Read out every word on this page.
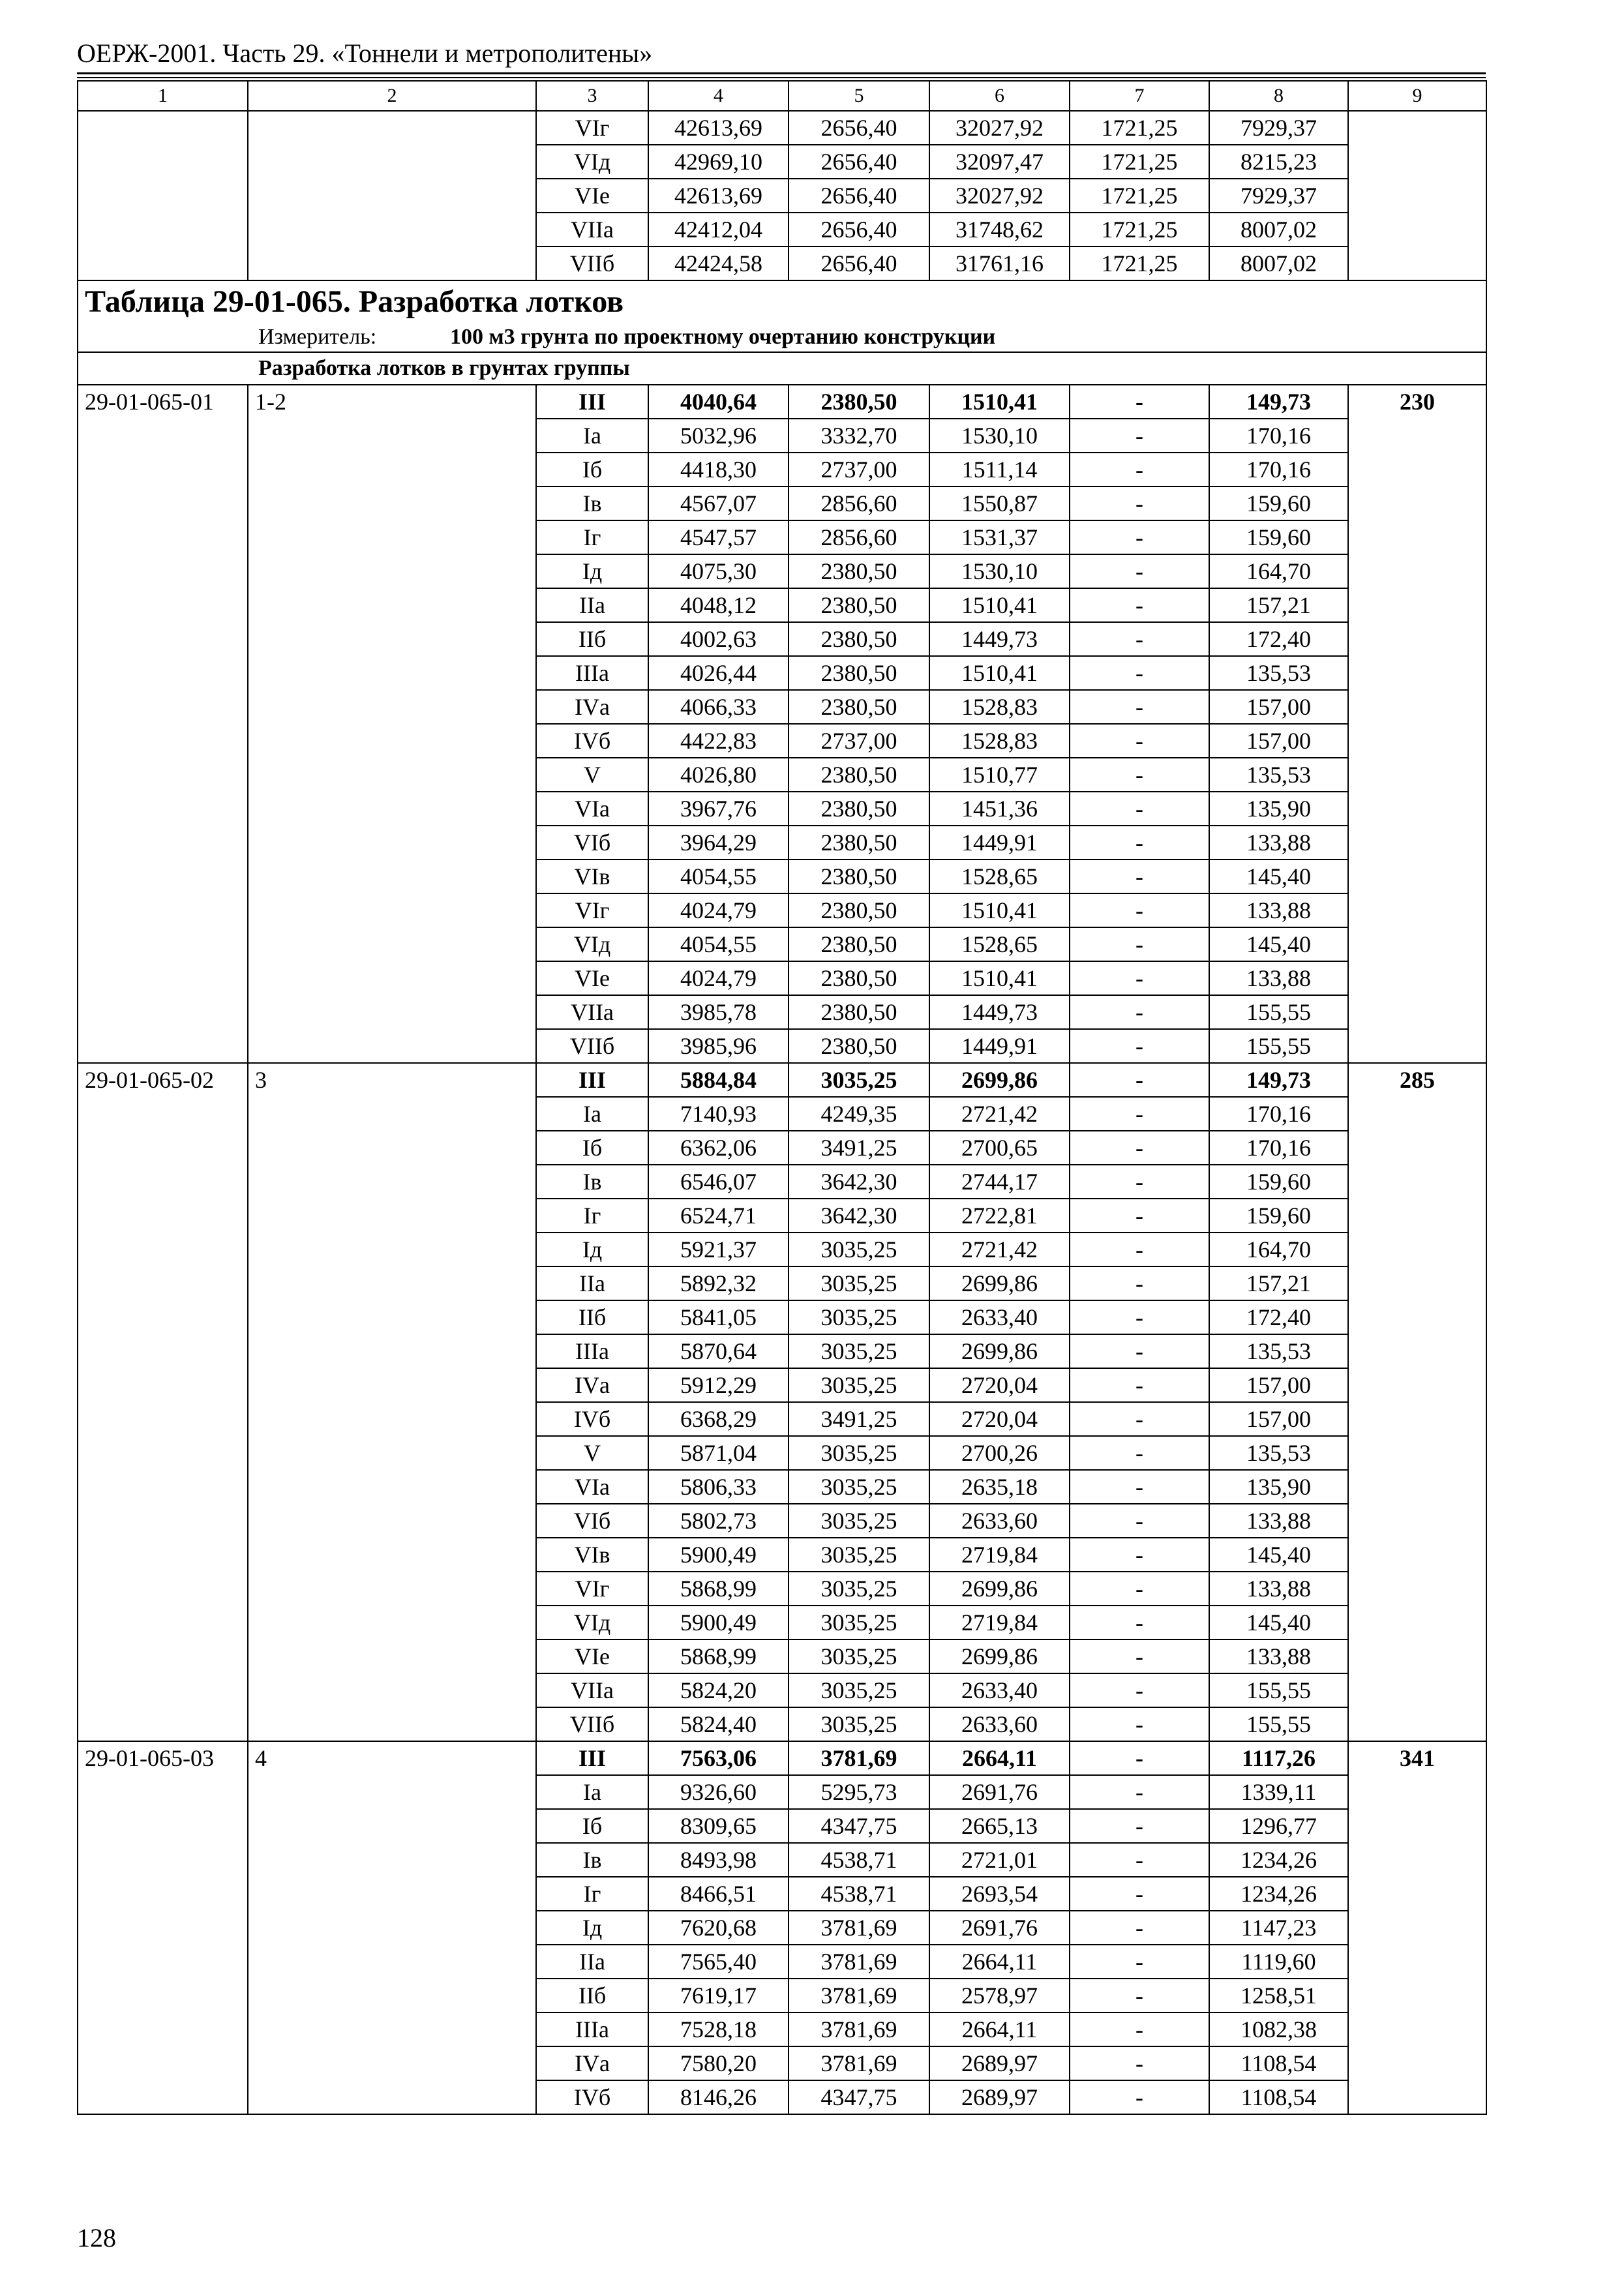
ОЕРЖ-2001. Часть 29. «Тоннели и метрополитены»
1	2	3	4	5	6	7	8	9
		VIг	42613,69	2656,40	32027,92	1721,25	7929,37	
		VIд	42969,10	2656,40	32097,47	1721,25	8215,23	
		VIе	42613,69	2656,40	32027,92	1721,25	7929,37	
		VIIа	42412,04	2656,40	31748,62	1721,25	8007,02	
		VIIб	42424,58	2656,40	31761,16	1721,25	8007,02	
Таблица 29-01-065. Разработка лотков								
Измеритель: 100 м3 грунта по проектному очертанию конструкции								
Разработка лотков в грунтах группы								
29-01-065-01	1-2	III	4040,64	2380,50	1510,41	-	149,73	230
		Iа	5032,96	3332,70	1530,10	-	170,16	
		Iб	4418,30	2737,00	1511,14	-	170,16	
		Iв	4567,07	2856,60	1550,87	-	159,60	
		Iг	4547,57	2856,60	1531,37	-	159,60	
		Iд	4075,30	2380,50	1530,10	-	164,70	
		IIа	4048,12	2380,50	1510,41	-	157,21	
		IIб	4002,63	2380,50	1449,73	-	172,40	
		IIIа	4026,44	2380,50	1510,41	-	135,53	
		IVа	4066,33	2380,50	1528,83	-	157,00	
		IVб	4422,83	2737,00	1528,83	-	157,00	
		V	4026,80	2380,50	1510,77	-	135,53	
		VIа	3967,76	2380,50	1451,36	-	135,90	
		VIб	3964,29	2380,50	1449,91	-	133,88	
		VIв	4054,55	2380,50	1528,65	-	145,40	
		VIг	4024,79	2380,50	1510,41	-	133,88	
		VIд	4054,55	2380,50	1528,65	-	145,40	
		VIе	4024,79	2380,50	1510,41	-	133,88	
		VIIа	3985,78	2380,50	1449,73	-	155,55	
		VIIб	3985,96	2380,50	1449,91	-	155,55	
29-01-065-02	3	III	5884,84	3035,25	2699,86	-	149,73	285
		Iа	7140,93	4249,35	2721,42	-	170,16	
		Iб	6362,06	3491,25	2700,65	-	170,16	
		Iв	6546,07	3642,30	2744,17	-	159,60	
		Iг	6524,71	3642,30	2722,81	-	159,60	
		Iд	5921,37	3035,25	2721,42	-	164,70	
		IIа	5892,32	3035,25	2699,86	-	157,21	
		IIб	5841,05	3035,25	2633,40	-	172,40	
		IIIа	5870,64	3035,25	2699,86	-	135,53	
		IVа	5912,29	3035,25	2720,04	-	157,00	
		IVб	6368,29	3491,25	2720,04	-	157,00	
		V	5871,04	3035,25	2700,26	-	135,53	
		VIа	5806,33	3035,25	2635,18	-	135,90	
		VIб	5802,73	3035,25	2633,60	-	133,88	
		VIв	5900,49	3035,25	2719,84	-	145,40	
		VIг	5868,99	3035,25	2699,86	-	133,88	
		VIд	5900,49	3035,25	2719,84	-	145,40	
		VIе	5868,99	3035,25	2699,86	-	133,88	
		VIIа	5824,20	3035,25	2633,40	-	155,55	
		VIIб	5824,40	3035,25	2633,60	-	155,55	
29-01-065-03	4	III	7563,06	3781,69	2664,11	-	1117,26	341
		Iа	9326,60	5295,73	2691,76	-	1339,11	
		Iб	8309,65	4347,75	2665,13	-	1296,77	
		Iв	8493,98	4538,71	2721,01	-	1234,26	
		Iг	8466,51	4538,71	2693,54	-	1234,26	
		Iд	7620,68	3781,69	2691,76	-	1147,23	
		IIа	7565,40	3781,69	2664,11	-	1119,60	
		IIб	7619,17	3781,69	2578,97	-	1258,51	
		IIIа	7528,18	3781,69	2664,11	-	1082,38	
		IVа	7580,20	3781,69	2689,97	-	1108,54	
		IVб	8146,26	4347,75	2689,97	-	1108,54	
128
